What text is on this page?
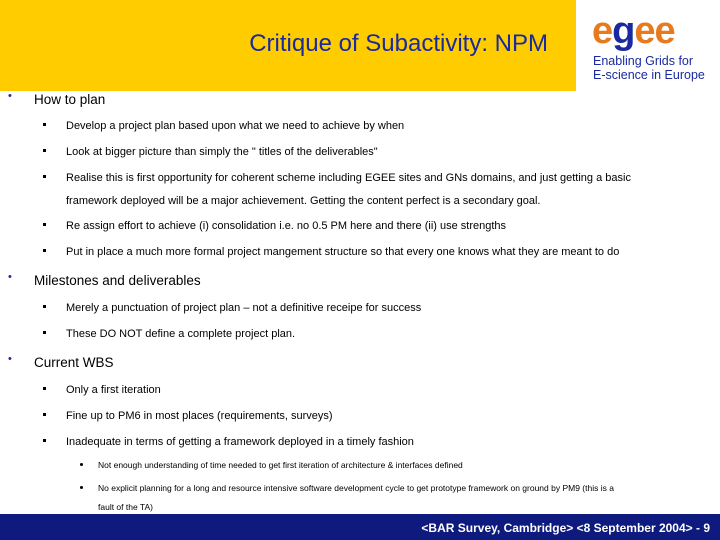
Critique of Subactivity: NPM	egee
Enabling Grids for
E-science in Europe
• How to plan
Develop a project plan based upon what we need to achieve by when
Look at bigger picture than simply the " titles of the deliverables"
Realise this is first opportunity for coherent scheme including EGEE sites and GNs domains, and just getting a basic
framework deployed will be a major achievement. Getting the content perfect is a secondary goal.
Re assign effort to achieve (i) consolidation i.e. no 0.5 PM here and there (ii) use strengths
Put in place a much more formal project mangement structure so that every one knows what they are meant to do
• Milestones and deliverables
Merely a punctuation of project plan – not a definitive receipe for success
These DO NOT define a complete project plan.
• Current WBS
Only a first iteration
Fine up to PM6 in most places (requirements, surveys)
Inadequate in terms of getting a framework deployed in a timely fashion
Not enough understanding of time needed to get first iteration of architecture & interfaces defined
No explicit planning for a long and resource intensive software development cycle to get prototype framework on ground by PM9 (this is a
fault of the TA)
<BAR Survey, Cambridge> <8 September 2004> - 9
